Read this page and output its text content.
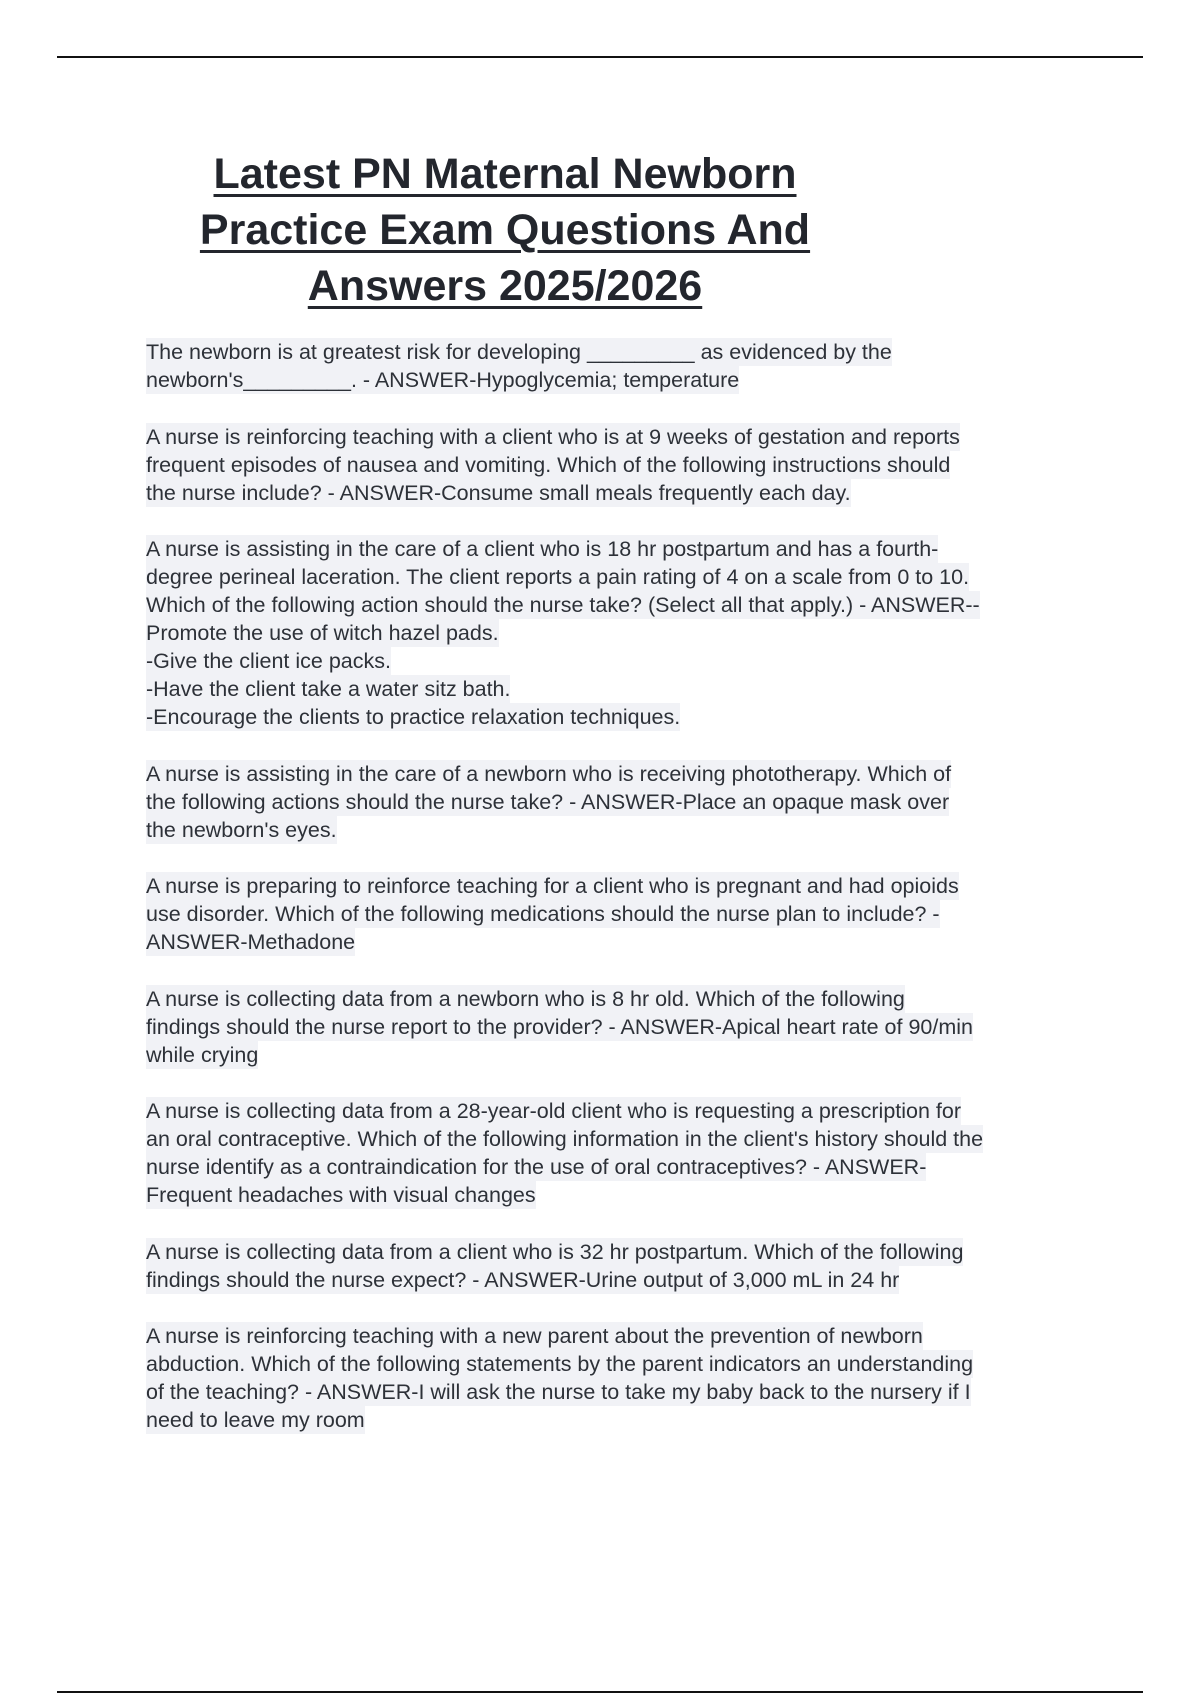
Latest PN Maternal Newborn
Practice Exam Questions And
Answers 2025/2026
The newborn is at greatest risk for developing _________ as evidenced by the
newborn's_________. - ANSWER-Hypoglycemia; temperature
A nurse is reinforcing teaching with a client who is at 9 weeks of gestation and reports
frequent episodes of nausea and vomiting. Which of the following instructions should
the nurse include? - ANSWER-Consume small meals frequently each day.
A nurse is assisting in the care of a client who is 18 hr postpartum and has a fourth-
degree perineal laceration. The client reports a pain rating of 4 on a scale from 0 to 10.
Which of the following action should the nurse take? (Select all that apply.) - ANSWER--
Promote the use of witch hazel pads.
-Give the client ice packs.
-Have the client take a water sitz bath.
-Encourage the clients to practice relaxation techniques.
A nurse is assisting in the care of a newborn who is receiving phototherapy. Which of
the following actions should the nurse take? - ANSWER-Place an opaque mask over
the newborn's eyes.
A nurse is preparing to reinforce teaching for a client who is pregnant and had opioids
use disorder. Which of the following medications should the nurse plan to include? -
ANSWER-Methadone
A nurse is collecting data from a newborn who is 8 hr old. Which of the following
findings should the nurse report to the provider? - ANSWER-Apical heart rate of 90/min
while crying
A nurse is collecting data from a 28-year-old client who is requesting a prescription for
an oral contraceptive. Which of the following information in the client's history should the
nurse identify as a contraindication for the use of oral contraceptives? - ANSWER-
Frequent headaches with visual changes
A nurse is collecting data from a client who is 32 hr postpartum. Which of the following
findings should the nurse expect? - ANSWER-Urine output of 3,000 mL in 24 hr
A nurse is reinforcing teaching with a new parent about the prevention of newborn
abduction. Which of the following statements by the parent indicators an understanding
of the teaching? - ANSWER-I will ask the nurse to take my baby back to the nursery if I
need to leave my room
